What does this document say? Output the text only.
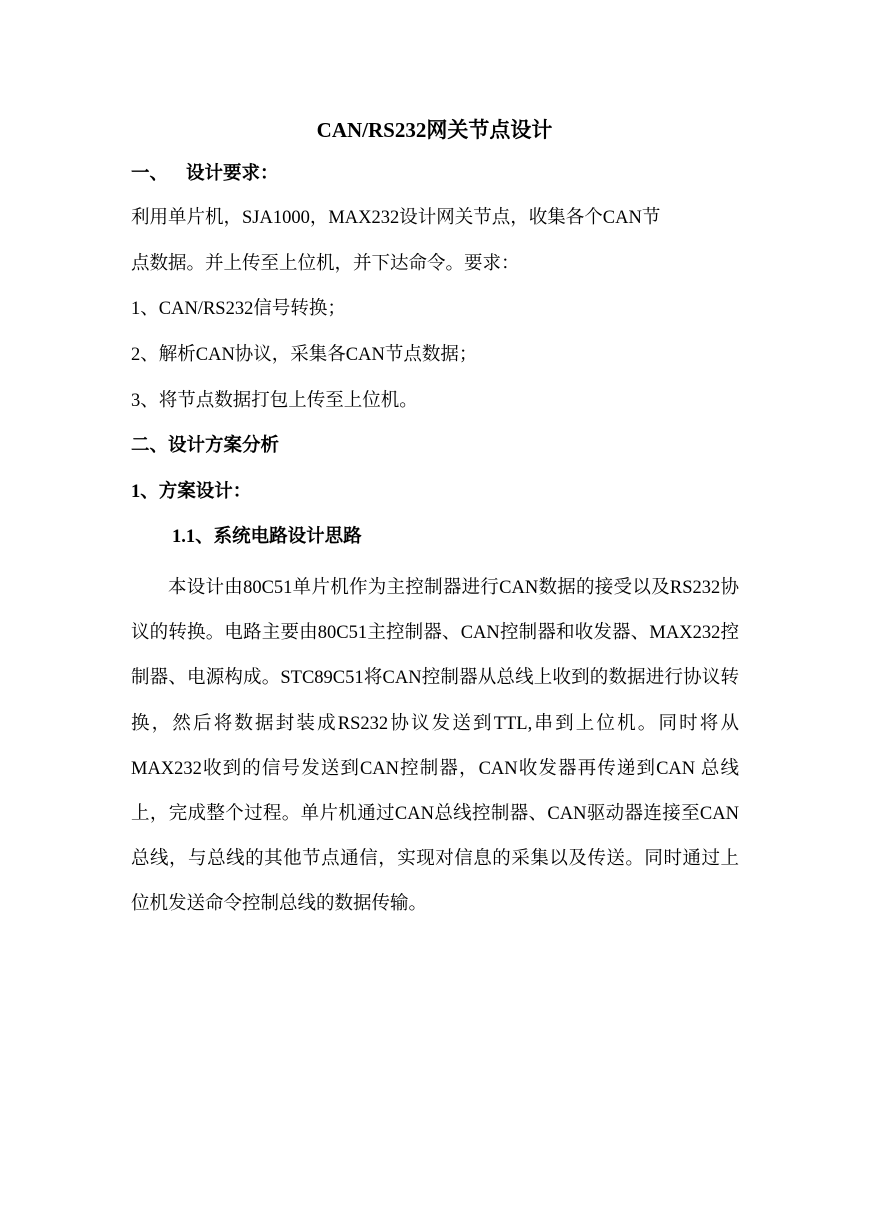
CAN/RS232网关节点设计
一、 设计要求：
利用单片机，SJA1000，MAX232设计网关节点，收集各个CAN节
点数据。并上传至上位机，并下达命令。要求：
1、CAN/RS232信号转换；
2、解析CAN协议，采集各CAN节点数据；
3、将节点数据打包上传至上位机。
二、设计方案分析
1、方案设计：
1.1、系统电路设计思路

本设计由80C51单片机作为主控制器进行CAN数据的接受以及RS232协议的转换。电路主要由80C51主控制器、CAN控制器和收发器、MAX232控制器、电源构成。STC89C51将CAN控制器从总线上收到的数据进行协议转换，然后将数据封装成RS232协议发送到TTL,串到上位机。同时将从MAX232收到的信号发送到CAN控制器，CAN收发器再传递到CAN 总线上，完成整个过程。单片机通过CAN总线控制器、CAN驱动器连接至CAN总线，与总线的其他节点通信，实现对信息的采集以及传送。同时通过上位机发送命令控制总线的数据传输。
